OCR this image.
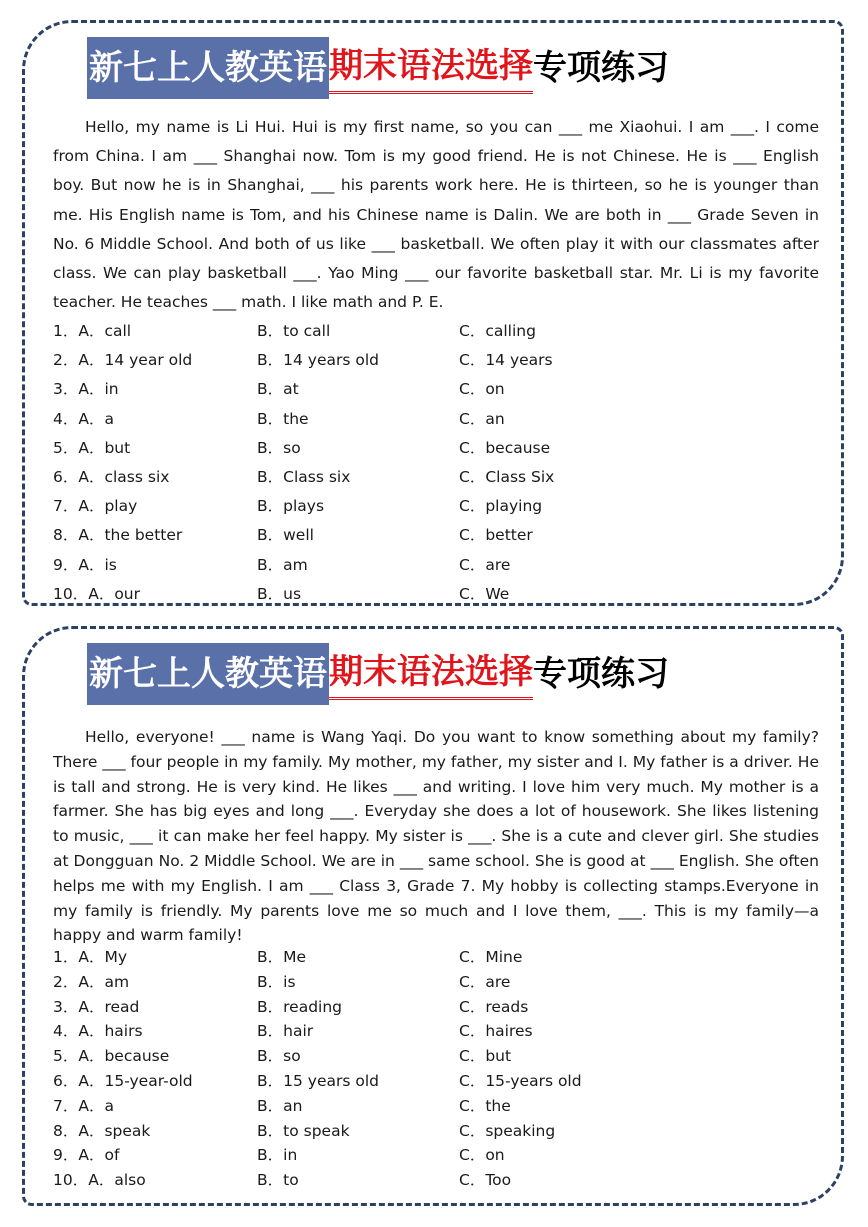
新七上人教英语期末语法选择专项练习

Hello, my name is Li Hui. Hui is my first name, so you can ___ me Xiaohui. I am ___. I come from China. I am ___ Shanghai now. Tom is my good friend. He is not Chinese. He is ___ English boy. But now he is in Shanghai, ___ his parents work here. He is thirteen, so he is younger than me. His English name is Tom, and his Chinese name is Dalin. We are both in ___ Grade Seven in No. 6 Middle School. And both of us like ___ basketball. We often play it with our classmates after class. We can play basketball ___. Yao Ming ___ our favorite basketball star. Mr. Li is my favorite teacher. He teaches ___ math. I like math and P. E.

1．A．call	B．to call	C．calling
2．A．14 year old	B．14 years old	C．14 years
3．A．in	B．at	C．on
4．A．a	B．the	C．an
5．A．but	B．so	C．because
6．A．class six	B．Class six	C．Class Six
7．A．play	B．plays	C．playing
8．A．the better	B．well	C．better
9．A．is	B．am	C．are
10．A．our	B．us	C．We
新七上人教英语期末语法选择专项练习

Hello, everyone! ___ name is Wang Yaqi. Do you want to know something about my family? There ___ four people in my family. My mother, my father, my sister and I. My father is a driver. He is tall and strong. He is very kind. He likes ___ and writing. I love him very much. My mother is a farmer. She has big eyes and long ___. Everyday she does a lot of housework. She likes listening to music, ___ it can make her feel happy. My sister is ___. She is a cute and clever girl. She studies at Dongguan No. 2 Middle School. We are in ___ same school. She is good at ___ English. She often helps me with my English. I am ___ Class 3, Grade 7. My hobby is collecting stamps.Everyone in my family is friendly. My parents love me so much and I love them, ___. This is my family—a happy and warm family!

1．A．My	B．Me	C．Mine
2．A．am	B．is	C．are
3．A．read	B．reading	C．reads
4．A．hairs	B．hair	C．haires
5．A．because	B．so	C．but
6．A．15-year-old	B．15 years old	C．15-years old
7．A．a	B．an	C．the
8．A．speak	B．to speak	C．speaking
9．A．of	B．in	C．on
10．A．also	B．to	C．Too
